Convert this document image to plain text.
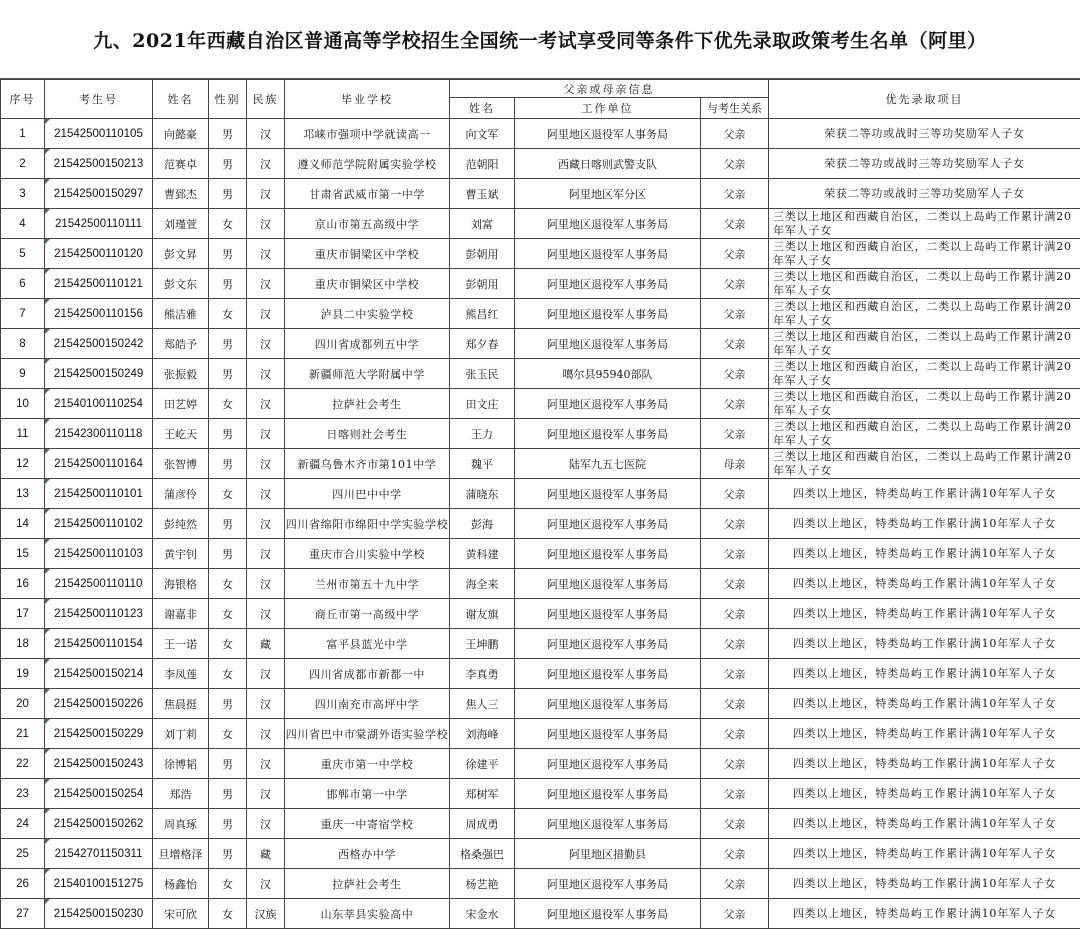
九、2021年西藏自治区普通高等学校招生全国统一考试享受同等条件下优先录取政策考生名单（阿里）
序号	考生号	姓名	性别	民族	毕业学校	父亲或母亲信息			优先录取项目
						姓名	工作单位	与考生关系	
1	21542500110105	向懿豪	男	汉	邛崃市强项中学就读高一	向文军	阿里地区退役军人事务局	父亲	荣获二等功或战时三等功奖励军人子女
2	21542500150213	范赛卓	男	汉	遵义师范学院附属实验学校	范朝阳	西藏日喀则武警支队	父亲	荣获二等功或战时三等功奖励军人子女
3	21542500150297	曹郅杰	男	汉	甘肃省武威市第一中学	曹玉斌	阿里地区军分区	父亲	荣获二等功或战时三等功奖励军人子女
4	21542500110111	刘瑾萱	女	汉	京山市第五高级中学	刘富	阿里地区退役军人事务局	父亲	三类以上地区和西藏自治区，二类以上岛屿工作累计满20年军人子女
5	21542500110120	彭文昇	男	汉	重庆市铜梁区中学校	彭朝用	阿里地区退役军人事务局	父亲	三类以上地区和西藏自治区，二类以上岛屿工作累计满20年军人子女
6	21542500110121	彭文东	男	汉	重庆市铜梁区中学校	彭朝用	阿里地区退役军人事务局	父亲	三类以上地区和西藏自治区，二类以上岛屿工作累计满20年军人子女
7	21542500110156	熊洁雅	女	汉	泸县二中实验学校	熊昌红	阿里地区退役军人事务局	父亲	三类以上地区和西藏自治区，二类以上岛屿工作累计满20年军人子女
8	21542500150242	郑皓予	男	汉	四川省成都列五中学	郑夕春	阿里地区退役军人事务局	父亲	三类以上地区和西藏自治区，二类以上岛屿工作累计满20年军人子女
9	21542500150249	张振毅	男	汉	新疆师范大学附属中学	张玉民	噶尔县95940部队	父亲	三类以上地区和西藏自治区，二类以上岛屿工作累计满20年军人子女
10	21540100110254	田艺婷	女	汉	拉萨社会考生	田文庄	阿里地区退役军人事务局	父亲	三类以上地区和西藏自治区，二类以上岛屿工作累计满20年军人子女
11	21542300110118	王屹天	男	汉	日喀则社会考生	王力	阿里地区退役军人事务局	父亲	三类以上地区和西藏自治区，二类以上岛屿工作累计满20年军人子女
12	21542500110164	张智博	男	汉	新疆乌鲁木齐市第101中学	魏平	陆军九五七医院	母亲	三类以上地区和西藏自治区，二类以上岛屿工作累计满20年军人子女
13	21542500110101	蒲彦伶	女	汉	四川巴中中学	蒲晓东	阿里地区退役军人事务局	父亲	四类以上地区，特类岛屿工作累计满10年军人子女
14	21542500110102	彭纯然	男	汉	四川省绵阳市绵阳中学实验学校	彭海	阿里地区退役军人事务局	父亲	四类以上地区，特类岛屿工作累计满10年军人子女
15	21542500110103	黄宇钊	男	汉	重庆市合川实验中学校	黄科建	阿里地区退役军人事务局	父亲	四类以上地区，特类岛屿工作累计满10年军人子女
16	21542500110110	海银格	女	汉	兰州市第五十九中学	海全来	阿里地区退役军人事务局	父亲	四类以上地区，特类岛屿工作累计满10年军人子女
17	21542500110123	谢嘉非	女	汉	商丘市第一高级中学	谢友旗	阿里地区退役军人事务局	父亲	四类以上地区，特类岛屿工作累计满10年军人子女
18	21542500110154	王一诺	女	藏	富平县蓝光中学	王坤鹏	阿里地区退役军人事务局	父亲	四类以上地区，特类岛屿工作累计满10年军人子女
19	21542500150214	李凤莲	女	汉	四川省成都市新都一中	李真勇	阿里地区退役军人事务局	父亲	四类以上地区，特类岛屿工作累计满10年军人子女
20	21542500150226	焦晨挺	男	汉	四川南充市高坪中学	焦人三	阿里地区退役军人事务局	父亲	四类以上地区，特类岛屿工作累计满10年军人子女
21	21542500150229	刘丁莉	女	汉	四川省巴中市棠湖外语实验学校	刘海峰	阿里地区退役军人事务局	父亲	四类以上地区，特类岛屿工作累计满10年军人子女
22	21542500150243	徐博韬	男	汉	重庆市第一中学校	徐建平	阿里地区退役军人事务局	父亲	四类以上地区，特类岛屿工作累计满10年军人子女
23	21542500150254	郑浩	男	汉	邯郸市第一中学	郑树军	阿里地区退役军人事务局	父亲	四类以上地区，特类岛屿工作累计满10年军人子女
24	21542500150262	周真琢	男	汉	重庆一中寄宿学校	周成勇	阿里地区退役军人事务局	父亲	四类以上地区，特类岛屿工作累计满10年军人子女
25	21542701150311	旦增格泽	男	藏	西格办中学	格桑强巴	阿里地区措勤县	父亲	四类以上地区，特类岛屿工作累计满10年军人子女
26	21540100151275	杨鑫怡	女	汉	拉萨社会考生	杨艺艳	阿里地区退役军人事务局	父亲	四类以上地区，特类岛屿工作累计满10年军人子女
27	21542500150230	宋可欣	女	汉族	山东莘县实验高中	宋金水	阿里地区退役军人事务局	父亲	四类以上地区，特类岛屿工作累计满10年军人子女
